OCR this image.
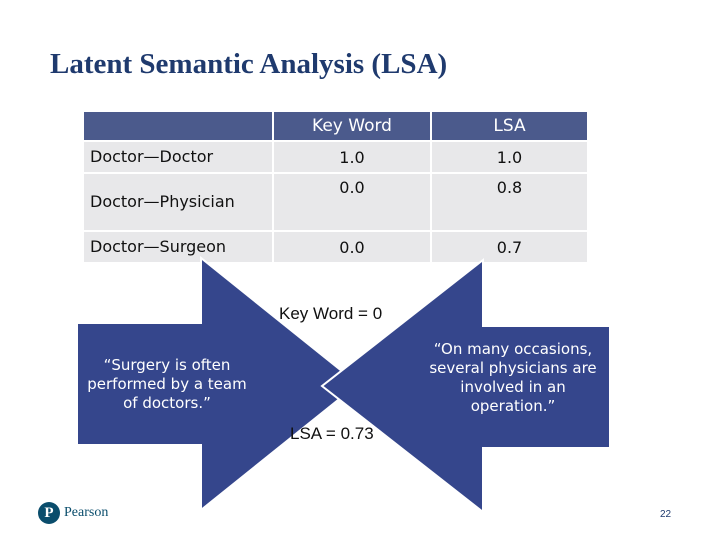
Latent Semantic Analysis (LSA)
	Key Word	LSA
Doctor—Doctor	1.0	1.0
Doctor—Physician	0.0	0.8
Doctor—Surgeon	0.0	0.7
“Surgery is often performed by a team of doctors.”
“On many occasions, several physicians are involved in an operation.”
Key Word = 0
LSA = 0.73
P Pearson	22
